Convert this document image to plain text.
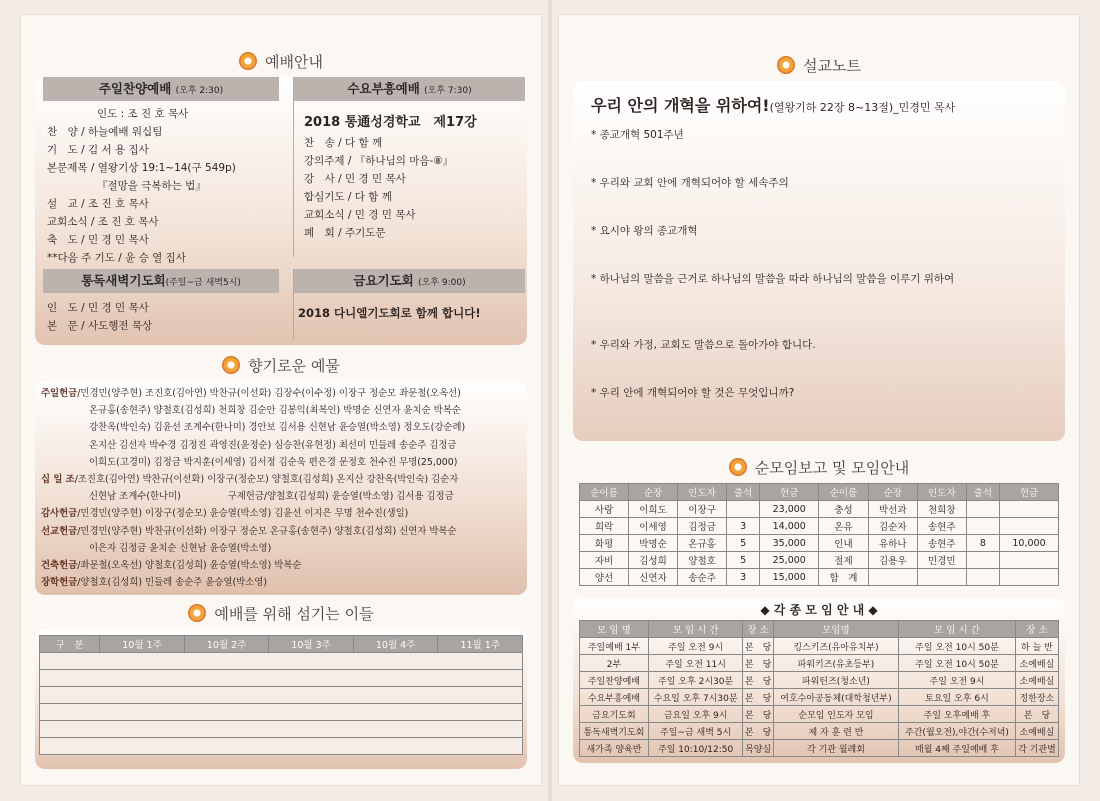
예배안내
주일찬양예배 (오후 2:30)
인도 : 조 진 호 목사
찬　양 / 하늘예배 워십팀
기　도 / 김 서 용 집사
본문제목 / 열왕기상 19:1~14(구 549p)
『절망을 극복하는 법』
설　교 / 조 진 호 목사
교회소식 / 조 진 호 목사
축　도 / 민 경 민 목사
**다음 주 기도 / 윤 승 열 집사
수요부흥예배 (오후 7:30)
2018 통通성경학교　제17강
찬　송 / 다 함 께
강의주제 / 『하나님의 마음-⑧』
강　사 / 민 경 민 목사
합심기도 / 다 함 께
교회소식 / 민 경 민 목사
폐　회 / 주기도문
통독새벽기도회(주일~금 새벽5시)
인　도 / 민 경 민 목사
본　문 / 사도행전 묵상
금요기도회 (오후 9:00)
2018 다니엘기도회로 함께 합니다!
향기로운 예물
주일헌금/민경민(양주현) 조진호(김아연) 박찬규(이선화) 김장수(이수정) 이장구 정순모 좌문철(오옥선)
온규홍(송현주) 양철호(김성희) 천희창 김순안 김봉익(최복인) 박명순 신연자 윤치순 박복순
강찬옥(박인숙) 김윤선 조계수(한나미) 경안보 김서용 신현남 윤승열(박소영) 정오도(강순례)
온지산 김선자 박수경 김정진 곽영진(윤정순) 심승찬(유현정) 최선미 민들레 송순주 김정금
이희도(고경미) 김정금 박지훈(이세영) 김서정 김순욱 편은경 문정호 천수진 무명(25,000)
십 일 조/조진호(김아연) 박찬규(이선화) 이장구(정순모) 양철호(김성희) 온지산 강찬옥(박인숙) 김순자
신현남 조계수(한나미)　　　　　구제헌금/양철호(김성희) 윤승열(박소영) 김서용 김정금
감사헌금/민경민(양주현) 이장구(정순모) 윤승열(박소영) 김윤선 이지은 무명 천수진(생일)
선교헌금/민경민(양주현) 박찬규(이선화) 이장구 정순모 온규홍(송현주) 양철호(김성희) 신연자 박복순
이은자 김정금 윤치순 신현남 윤승열(박소영)
건축헌금/좌문철(오옥선) 양철호(김성희) 윤승열(박소영) 박복순
장학헌금/양철호(김성희) 민들레 송순주 윤승열(박소영)
예배를 위해 섬기는 이들
구　분	10월 1주	10월 2주	10월 3주	10월 4주	11월 1주

설교노트
우리 안의 개혁을 위하여!(열왕기하 22장 8~13절)_민경민 목사
* 종교개혁 501주년
* 우리와 교회 안에 개혁되어야 할 세속주의
* 요시야 왕의 종교개혁
* 하나님의 말씀을 근거로 하나님의 말씀을 따라 하나님의 말씀을 이루기 위하여
* 우리와 가정, 교회도 말씀으로 돌아가야 합니다.
* 우리 안에 개혁되어야 할 것은 무엇입니까?
순모임보고 및 모임안내
순이름	순장	인도자	출석	헌금	순이름	순장	인도자	출석	헌금
사랑	이희도	이장구		23,000	충성	박선과	천희창		
희락	이세영	김정금	3	14,000	온유	김순자	송현주		
화평	박명순	온규홍	5	35,000	인내	유하나	송현주	8	10,000
자비	김성희	양철호	5	25,000	절제	김용우	민경민		
양선	신연자	송순주	3	15,000	합　계				
◆ 각 종 모 임 안 내 ◆
모 임 명	모 임 시 간	장 소	모임명	모 임 시 간	장 소
주일예배 1부	주일 오전 9시	본　당	킹스키즈(유아유치부)	주일 오전 10시 50분	하 늘 반
2부	주일 오전 11시	본　당	파워키즈(유초등부)	주일 오전 10시 50분	소예배실
주일찬양예배	주일 오후 2시30분	본　당	파워틴즈(청소년)	주일 오전 9시	소예배실
수요부흥예배	수요일 오후 7시30분	본　당	여호수아공동체(대학청년부)	토요일 오후 6시	정한장소
금요기도회	금요일 오후 9시	본　당	순모임 인도자 모임	주일 오후예배 후	본　당
통독새벽기도회	주일~금 새벽 5시	본　당	제 자 훈 련 반	주간(월오전),야간(수저녁)	소예배실
새가족 양육반	주일 10:10/12:50	목양실	각 기관 월례회	매월 4째 주일예배 후	각 기관별
